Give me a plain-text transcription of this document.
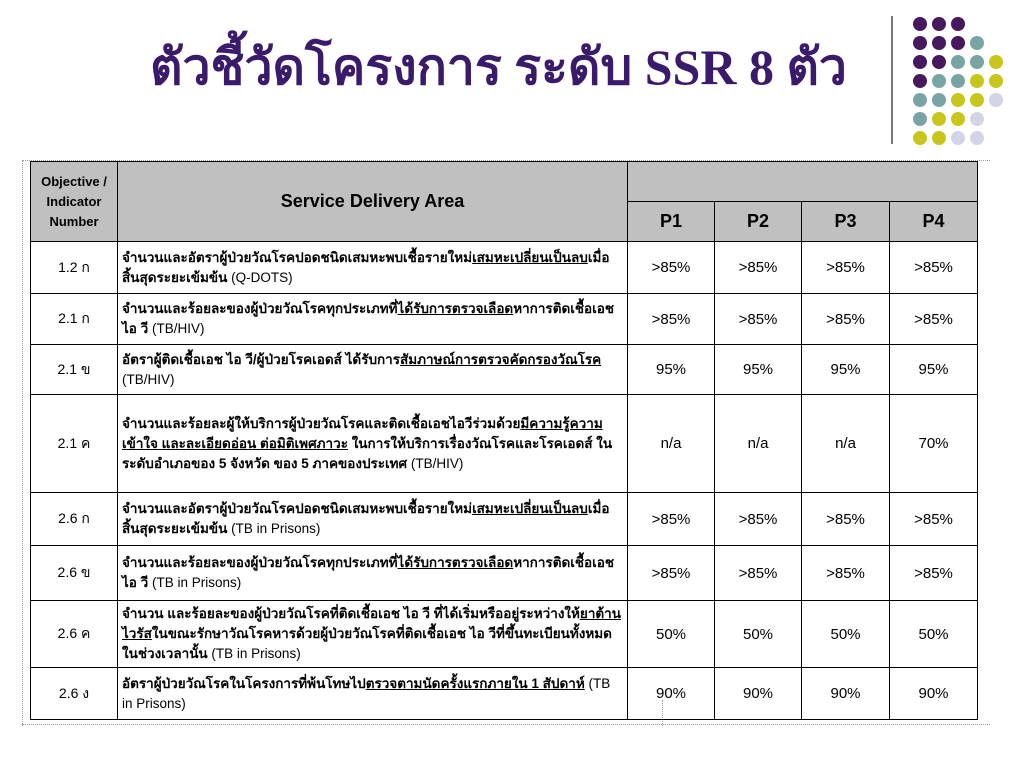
ตัวชี้วัดโครงการ ระดับ SSR 8 ตัว
Objective / Indicator Number	Service Delivery Area				
		P1	P2	P3	P4
1.2 ก	จำนวนและอัตราผู้ป่วยวัณโรคปอดชนิดเสมหะพบเชื้อรายใหม่เสมหะเปลี่ยนเป็นลบเมื่อสิ้นสุดระยะเข้มข้น (Q-DOTS)	>85%	>85%	>85%	>85%
2.1 ก	จำนวนและร้อยละของผู้ป่วยวัณโรคทุกประเภทที่ได้รับการตรวจเลือดหาการติดเชื้อเอช ไอ วี (TB/HIV)	>85%	>85%	>85%	>85%
2.1 ข	อัตราผู้ติดเชื้อเอช ไอ วี/ผู้ป่วยโรคเอดส์ ได้รับการสัมภาษณ์การตรวจคัดกรองวัณโรค (TB/HIV)	95%	95%	95%	95%
2.1 ค	จำนวนและร้อยละผู้ให้บริการผู้ป่วยวัณโรคและติดเชื้อเอชไอวีร่วมด้วยมีความรู้ความเข้าใจ และละเอียดอ่อน ต่อมิติเพศภาวะ ในการให้บริการเรื่องวัณโรคและโรคเอดส์ ในระดับอำเภอของ 5 จังหวัด ของ 5 ภาคของประเทศ (TB/HIV)	n/a	n/a	n/a	70%
2.6 ก	จำนวนและอัตราผู้ป่วยวัณโรคปอดชนิดเสมหะพบเชื้อรายใหม่เสมหะเปลี่ยนเป็นลบเมื่อสิ้นสุดระยะเข้มข้น (TB in Prisons)	>85%	>85%	>85%	>85%
2.6 ข	จำนวนและร้อยละของผู้ป่วยวัณโรคทุกประเภทที่ได้รับการตรวจเลือดหาการติดเชื้อเอช ไอ วี (TB in Prisons)	>85%	>85%	>85%	>85%
2.6 ค	จำนวน และร้อยละของผู้ป่วยวัณโรคที่ติดเชื้อเอช ไอ วี ที่ได้เริ่มหรืออยู่ระหว่างให้ยาต้านไวรัสในขณะรักษาวัณโรคหารด้วยผู้ป่วยวัณโรคที่ติดเชื้อเอช ไอ วีที่ขึ้นทะเบียนทั้งหมด ในช่วงเวลานั้น (TB in Prisons)	50%	50%	50%	50%
2.6 ง	อัตราผู้ป่วยวัณโรคในโครงการที่พ้นโทษไปตรวจตามนัดครั้งแรกภายใน 1 สัปดาห์ (TB in Prisons)	90%	90%	90%	90%
